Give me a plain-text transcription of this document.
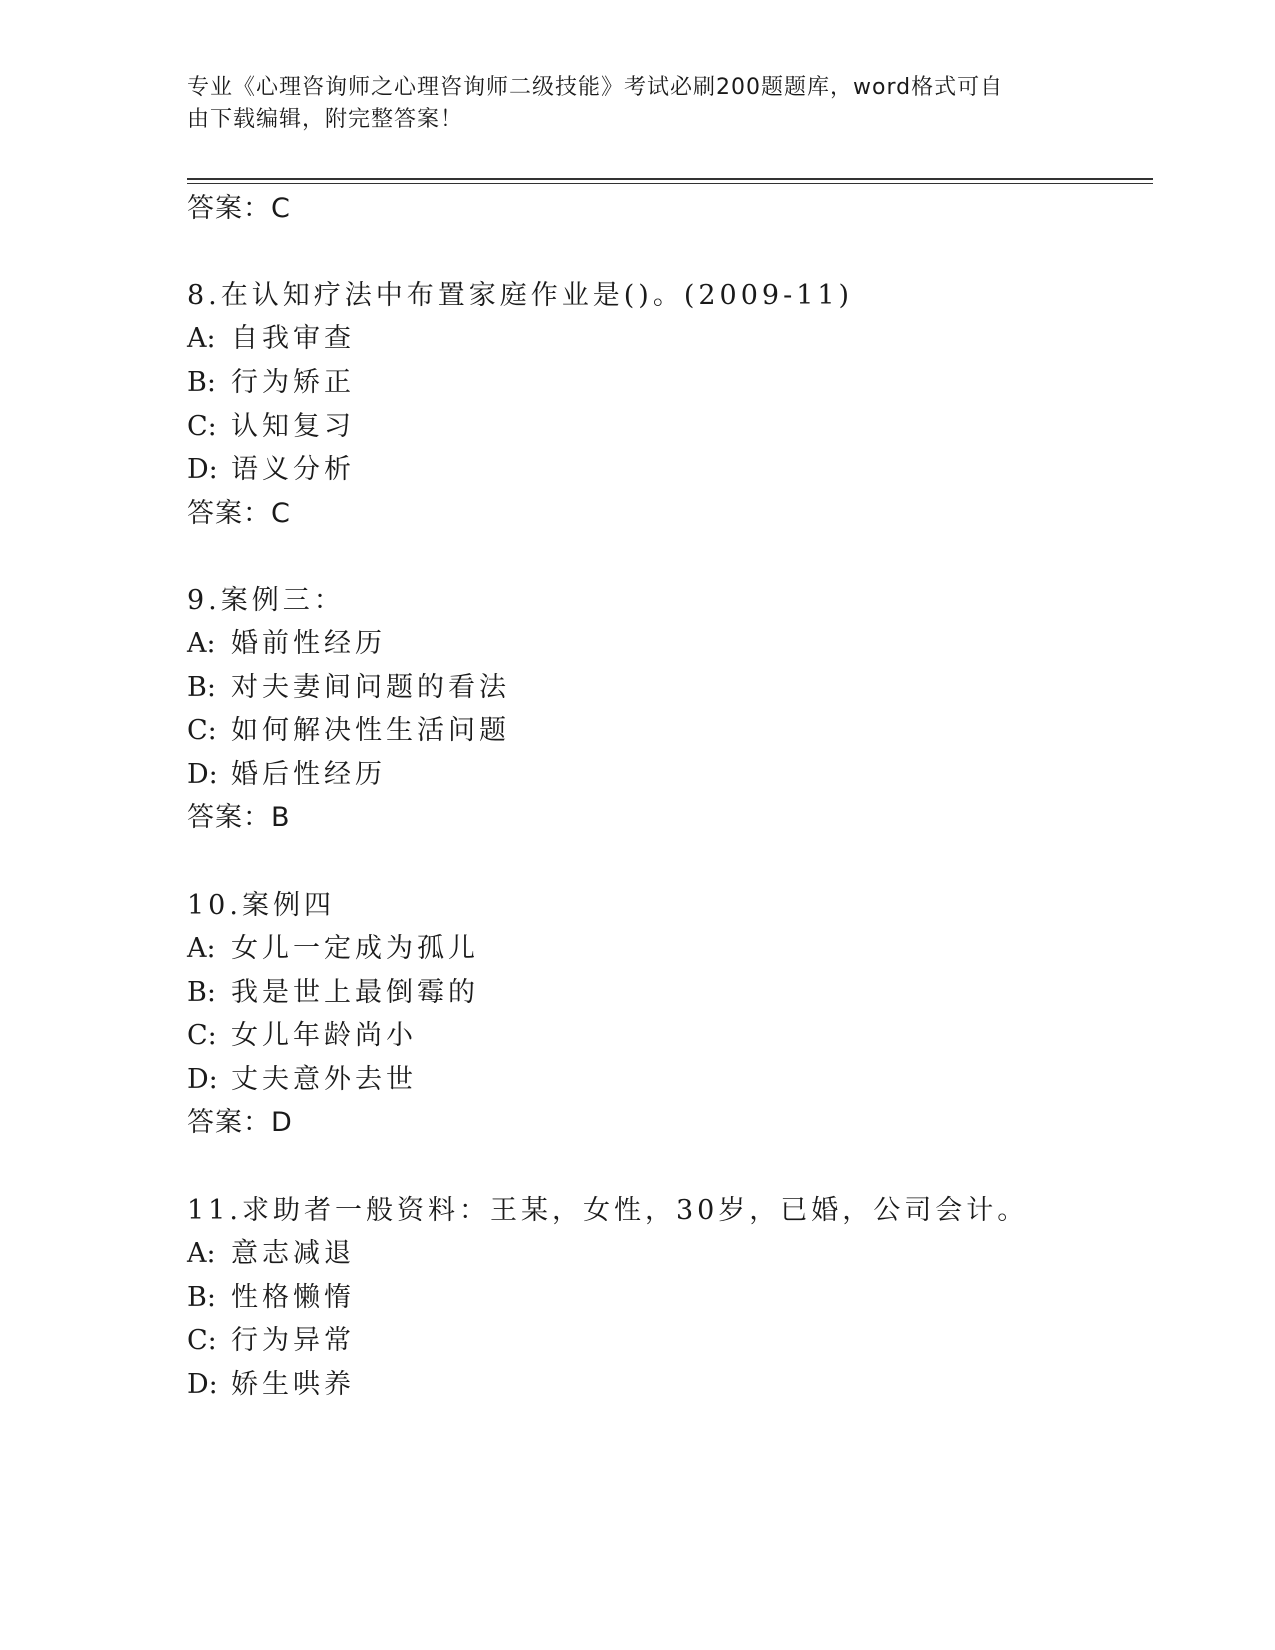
专业《心理咨询师之心理咨询师二级技能》考试必刷200题题库，word格式可自
由下载编辑，附完整答案！
答案：C
8.在认知疗法中布置家庭作业是()。(2009-11)
A: 自我审查
B: 行为矫正
C: 认知复习
D: 语义分析
答案：C
9.案例三：
A: 婚前性经历
B: 对夫妻间问题的看法
C: 如何解决性生活问题
D: 婚后性经历
答案：B
10.案例四
A: 女儿一定成为孤儿
B: 我是世上最倒霉的
C: 女儿年龄尚小
D: 丈夫意外去世
答案：D
11.求助者一般资料：王某，女性，30岁，已婚，公司会计。
A: 意志减退
B: 性格懒惰
C: 行为异常
D: 娇生哄养
